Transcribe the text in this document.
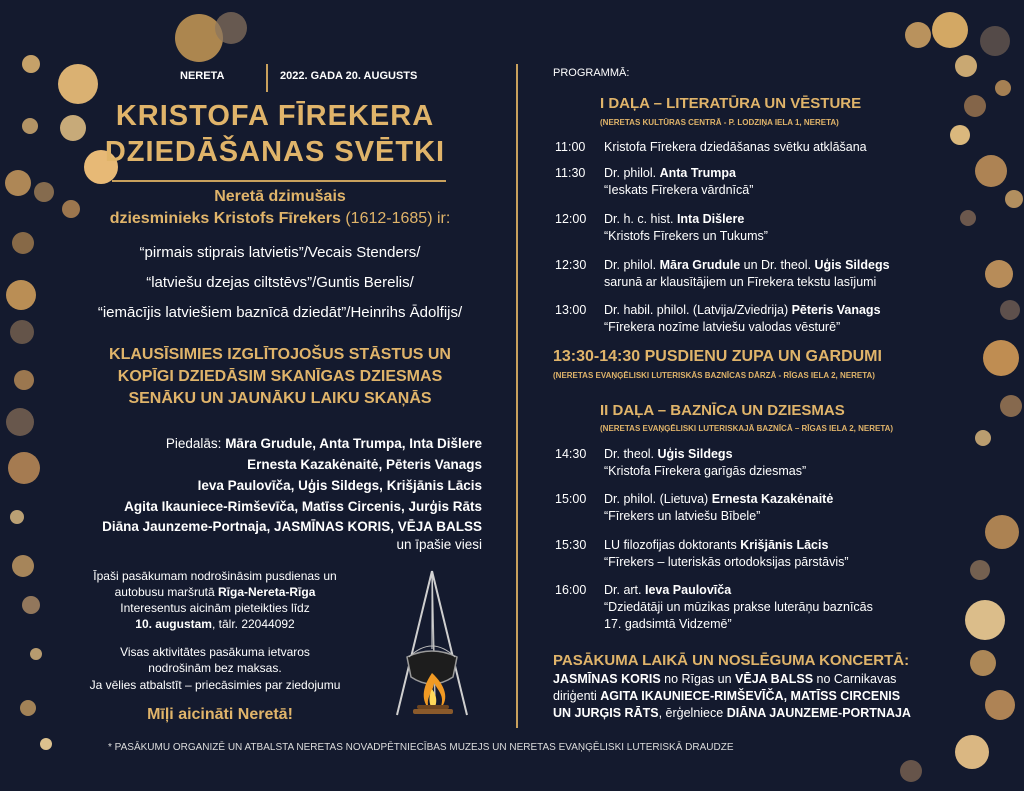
NERETA	2022. GADA 20. AUGUSTS
KRISTOFA FĪREKERA
DZIEDĀŠANAS SVĒTKI
Neretā dzimušais
dziesminieks Kristofs Fīrekers (1612-1685) ir:
“pirmais stiprais latvietis”/Vecais Stenders/
“latviešu dzejas ciltstēvs”/Guntis Berelis/
“iemācījis latviešiem baznīcā dziedāt”/Heinrihs Ādolfijs/
KLAUSĪSIMIES IZGLĪTOJOŠUS STĀSTUS UN
KOPĪGI DZIEDĀSIM SKANĪGAS DZIESMAS
SENĀKU UN JAUNĀKU LAIKU SKAŅĀS
Piedalās: Māra Grudule, Anta Trumpa, Inta Dišlere
Ernesta Kazakėnaitė, Pēteris Vanags
Ieva Paulovīča, Uģis Sildegs, Krišjānis Lācis
Agita Ikauniece-Rimševīča, Matīss Circenis, Jurģis Rāts
Diāna Jaunzeme-Portnaja, JASMĪNAS KORIS, VĒJA BALSS
un īpašie viesi
Īpaši pasākumam nodrošināsim pusdienas un
autobusu maršrutā Rīga-Nereta-Rīga
Interesentus aicinām pieteikties līdz
10. augustam, tālr. 22044092
Visas aktivitātes pasākuma ietvaros
nodrošinām bez maksas.
Ja vēlies atbalstīt – priecāsimies par ziedojumu
Mīļi aicināti Neretā!
PROGRAMMĀ:
I DAĻA – LITERATŪRA UN VĒSTURE
(NERETAS KULTŪRAS CENTRĀ - P. LODZIŅA IELA 1, NERETA)
11:00 Kristofa Fīrekera dziedāšanas svētku atklāšana
11:30 Dr. philol. Anta Trumpa
“Ieskats Fīrekera vārdnīcā”
12:00 Dr. h. c. hist. Inta Dišlere
“Kristofs Fīrekers un Tukums”
12:30 Dr. philol. Māra Grudule un Dr. theol. Uģis Sildegs
sarunā ar klausītājiem un Fīrekera tekstu lasījumi
13:00 Dr. habil. philol. (Latvija/Zviedrija) Pēteris Vanags
“Fīrekera nozīme latviešu valodas vēsturē”
13:30-14:30 PUSDIENU ZUPA UN GARDUMI
(NERETAS EVAŅĢĒLISKI LUTERISKĀS BAZNĪCAS DĀRZĀ - RĪGAS IELA 2, NERETA)
II DAĻA – BAZNĪCA UN DZIESMAS
(NERETAS EVAŅĢĒLISKI LUTERISKAJĀ BAZNĪCĀ – RĪGAS IELA 2, NERETA)
14:30 Dr. theol. Uģis Sildegs
“Kristofa Fīrekera garīgās dziesmas”
15:00 Dr. philol. (Lietuva) Ernesta Kazakėnaitė
“Fīrekers un latviešu Bībele”
15:30 LU filozofijas doktorants Krišjānis Lācis
“Fīrekers – luteriskās ortodoksijas pārstāvis”
16:00 Dr. art. Ieva Paulovīča
“Dziedātāji un mūzikas prakse luterāņu baznīcās
17. gadsimtā Vidzemē”
PASĀKUMA LAIKĀ UN NOSLĒGUMA KONCERTĀ:
JASMĪNAS KORIS no Rīgas un VĒJA BALSS no Carnikavas
diriģenti AGITA IKAUNIECE-RIMŠEVĪČA, MATĪSS CIRCENIS
UN JURĢIS RĀTS, ērģelniece DIĀNA JAUNZEME-PORTNAJA
* PASĀKUMU ORGANIZĒ UN ATBALSTA NERETAS NOVADPĒTNIECĪBAS MUZEJS UN NERETAS EVAŅĢĒLISKI LUTERISKĀ DRAUDZE
